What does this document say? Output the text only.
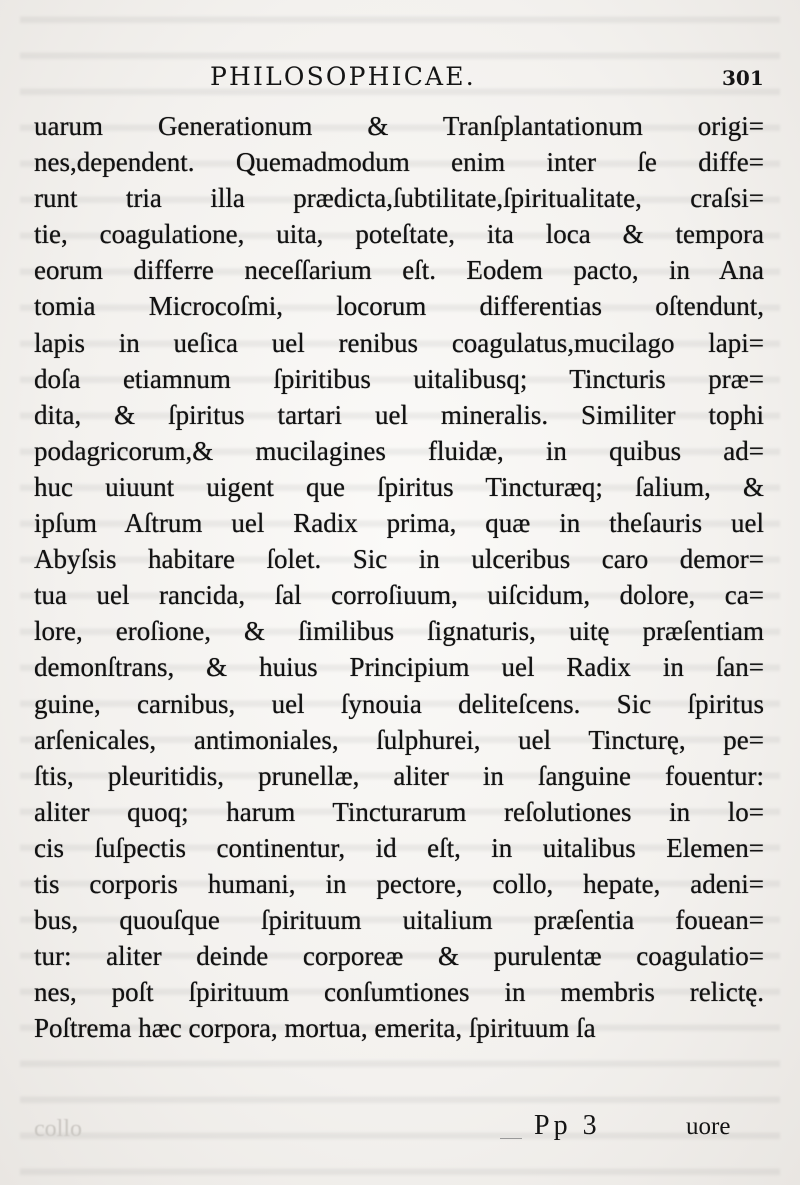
PHILOSOPHICAE.	301
uarum Generationum & Tranſplantationum origi=
nes,dependent. Quemadmodum enim inter ſe diffe=
runt tria illa prædicta,ſubtilitate,ſpiritualitate, craſsi=
tie, coagulatione, uita, poteſtate, ita loca & tempora
eorum differre neceſſarium eſt. Eodem pacto, in Ana
tomia Microcoſmi, locorum differentias oſtendunt,
lapis in ueſica uel renibus coagulatus,mucilago lapi=
doſa etiamnum ſpiritibus uitalibusq; Tincturis præ=
dita, & ſpiritus tartari uel mineralis. Similiter tophi
podagricorum,& mucilagines fluidæ, in quibus ad=
huc uiuunt uigent que ſpiritus Tincturæq; ſalium, &
ipſum Aſtrum uel Radix prima, quæ in theſauris uel
Abyſsis habitare ſolet. Sic in ulceribus caro demor=
tua uel rancida, ſal corroſiuum, uiſcidum, dolore, ca=
lore, eroſione, & ſimilibus ſignaturis, uitę præſentiam
demonſtrans, & huius Principium uel Radix in ſan=
guine, carnibus, uel ſynouia deliteſcens. Sic ſpiritus
arſenicales, antimoniales, ſulphurei, uel Tincturę, pe=
ſtis, pleuritidis, prunellæ, aliter in ſanguine fouentur:
aliter quoq; harum Tincturarum reſolutiones in lo=
cis ſuſpectis continentur, id eſt, in uitalibus Elemen=
tis corporis humani, in pectore, collo, hepate, adeni=
bus, quouſque ſpirituum uitalium præſentia fouean=
tur: aliter deinde corporeæ & purulentæ coagulatio=
nes, poſt ſpirituum conſumtiones in membris relictę.
Poſtrema hæc corpora, mortua, emerita, ſpirituum ſa
collo	Pp 3	uore
